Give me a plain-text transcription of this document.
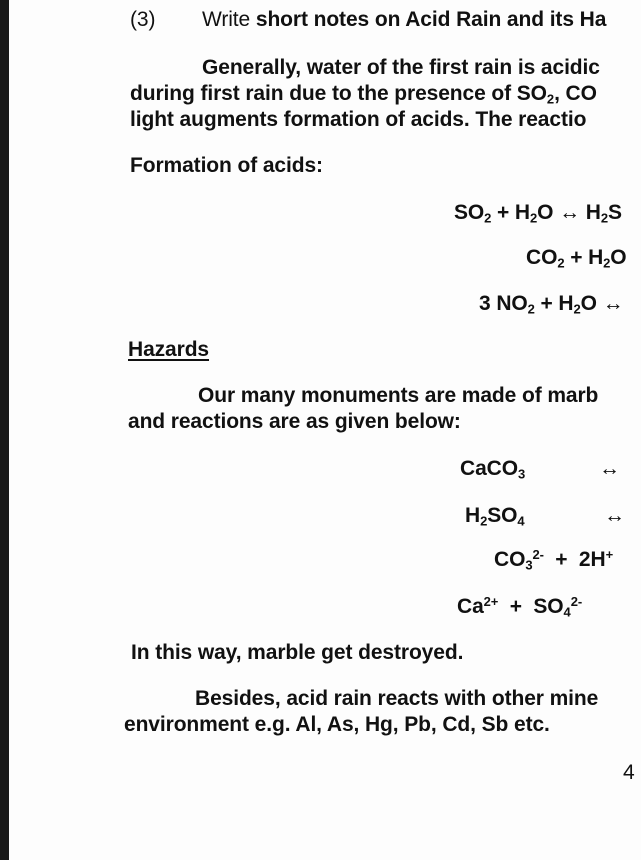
(3) Write short notes on Acid Rain and its Ha
Generally, water of the first rain is acidic
during first rain due to the presence of $SO_2$, CO
light augments formation of acids. The reactio
Formation of acids:
$SO_2 + H_2O$ ↔ $H_2S$
$CO_2 + H_2O$
3 $NO_2 + H_2O$ ↔
Hazards
Our many monuments are made of marb
and reactions are as given below:
CaCO$_3$	↔
$H_2SO_4$	↔
$CO_3^{2-} + 2H^+$
$Ca^{2+} + SO_4^{2-}$
In this way, marble get destroyed.
Besides, acid rain reacts with other mine
environment e.g. Al, As, Hg, Pb, Cd, Sb etc.
4
